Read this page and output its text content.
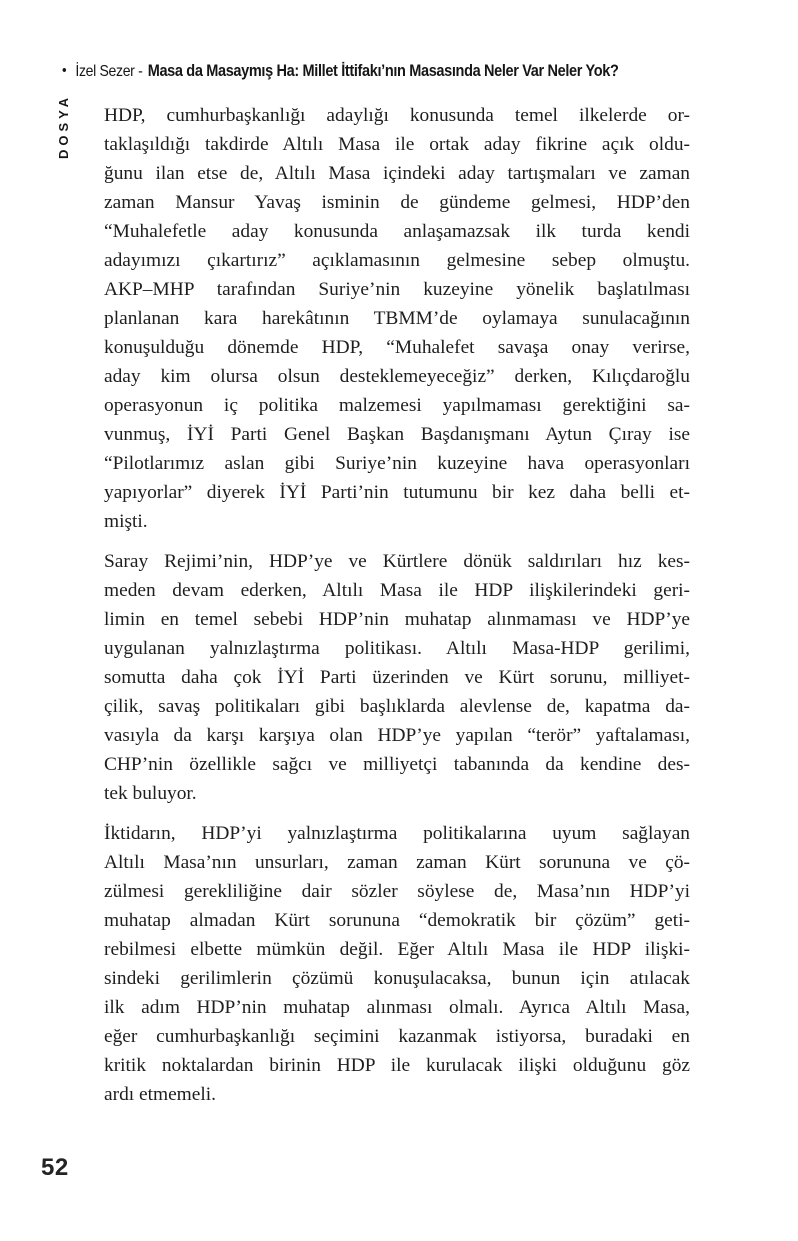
• İzel Sezer - Masa da Masaymış Ha: Millet İttifakı’nın Masasında Neler Var Neler Yok?
DOSYA HDP, cumhurbaşkanlığı adaylığı konusunda temel ilkelerde or-
taklaşıldığı takdirde Altılı Masa ile ortak aday fikrine açık oldu-
ğunu ilan etse de, Altılı Masa içindeki aday tartışmaları ve zaman
zaman Mansur Yavaş isminin de gündeme gelmesi, HDP’den
“Muhalefetle aday konusunda anlaşamazsak ilk turda kendi
adayımızı çıkartırız” açıklamasının gelmesine sebep olmuştu.
AKP–MHP tarafından Suriye’nin kuzeyine yönelik başlatılması
planlanan kara harekâtının TBMM’de oylamaya sunulacağının
konuşulduğu dönemde HDP, “Muhalefet savaşa onay verirse,
aday kim olursa olsun desteklemeyeceğiz” derken, Kılıçdaroğlu
operasyonun iç politika malzemesi yapılmaması gerektiğini sa-
vunmuş, İYİ Parti Genel Başkan Başdanışmanı Aytun Çıray ise
“Pilotlarımız aslan gibi Suriye’nin kuzeyine hava operasyonları
yapıyorlar” diyerek İYİ Parti’nin tutumunu bir kez daha belli et-
mişti.
Saray Rejimi’nin, HDP’ye ve Kürtlere dönük saldırıları hız kes-
meden devam ederken, Altılı Masa ile HDP ilişkilerindeki geri-
limin en temel sebebi HDP’nin muhatap alınmaması ve HDP’ye
uygulanan yalnızlaştırma politikası. Altılı Masa-HDP gerilimi,
somutta daha çok İYİ Parti üzerinden ve Kürt sorunu, milliyet-
çilik, savaş politikaları gibi başlıklarda alevlense de, kapatma da-
vasıyla da karşı karşıya olan HDP’ye yapılan “terör” yaftalaması,
CHP’nin özellikle sağcı ve milliyetçi tabanında da kendine des-
tek buluyor.
İktidarın, HDP’yi yalnızlaştırma politikalarına uyum sağlayan
Altılı Masa’nın unsurları, zaman zaman Kürt sorununa ve çö-
zülmesi gerekliliğine dair sözler söylese de, Masa’nın HDP’yi
muhatap almadan Kürt sorununa “demokratik bir çözüm” geti-
rebilmesi elbette mümkün değil. Eğer Altılı Masa ile HDP ilişki-
sindeki gerilimlerin çözümü konuşulacaksa, bunun için atılacak
ilk adım HDP’nin muhatap alınması olmalı. Ayrıca Altılı Masa,
eğer cumhurbaşkanlığı seçimini kazanmak istiyorsa, buradaki en
kritik noktalardan birinin HDP ile kurulacak ilişki olduğunu göz
ardı etmemeli.
52
